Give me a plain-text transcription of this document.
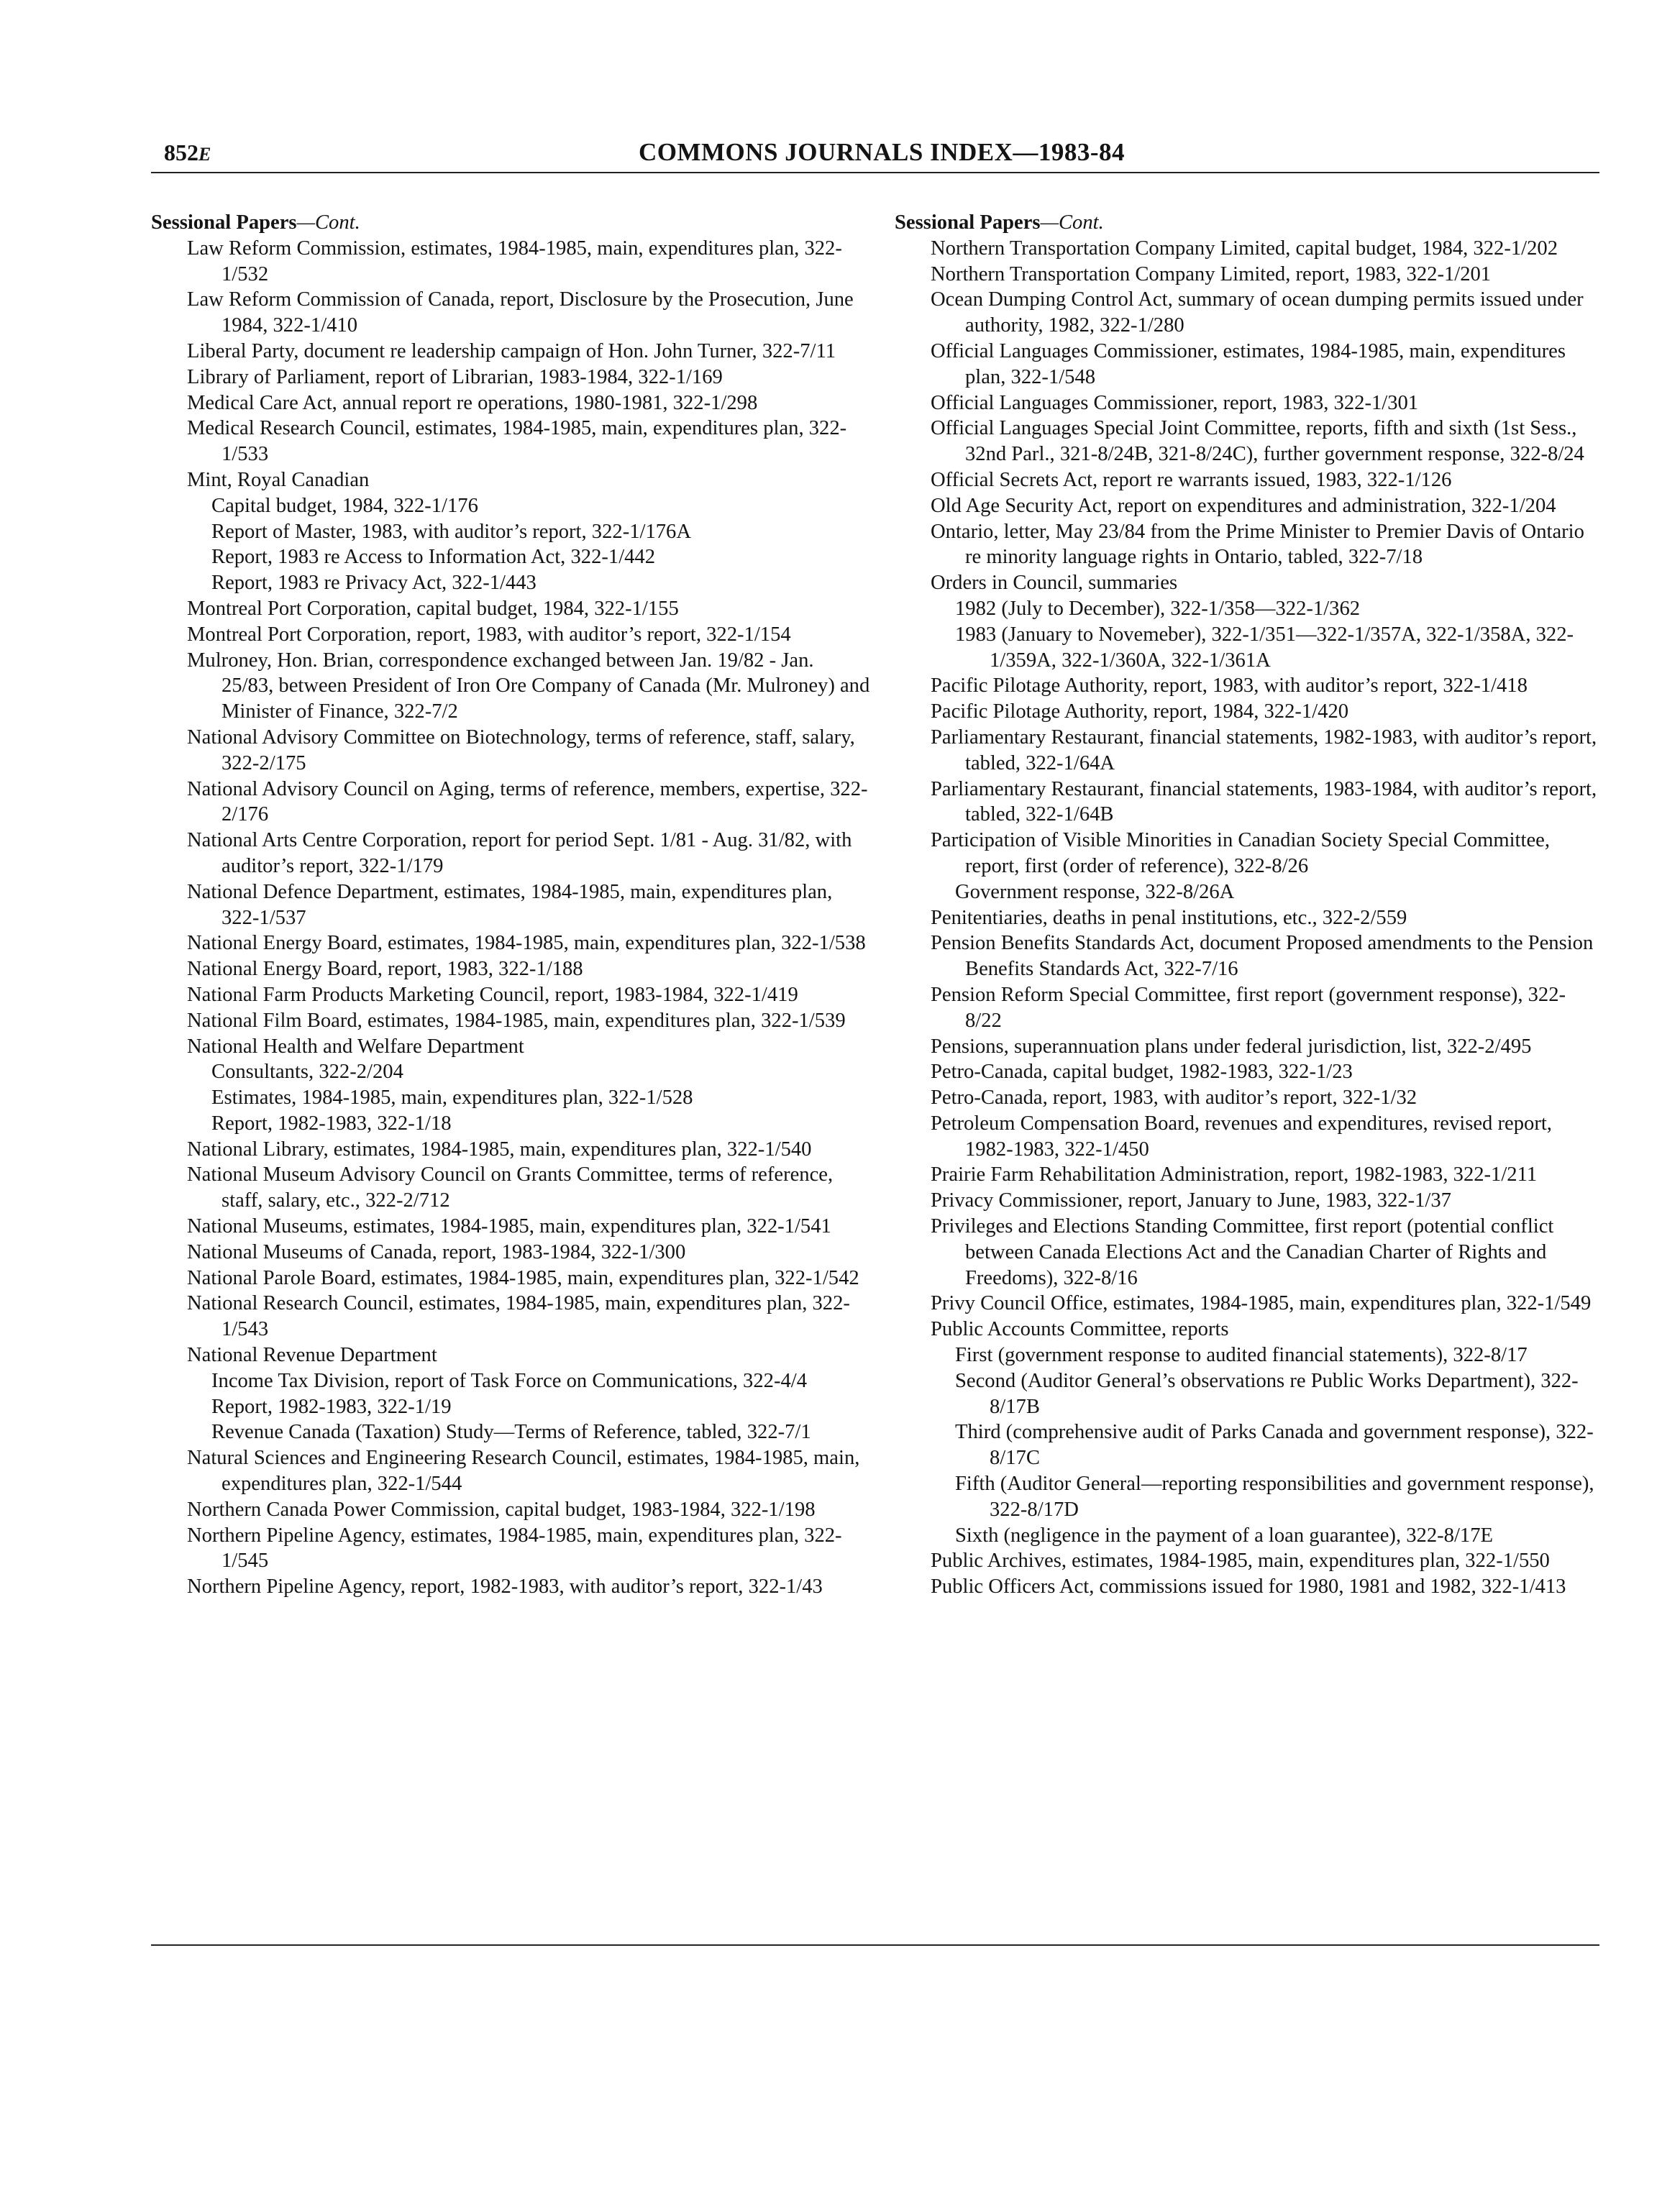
852E	COMMONS JOURNALS INDEX—1983-84
Sessional Papers—Cont.
Law Reform Commission, estimates, 1984-1985, main, expenditures plan, 322-1/532
Law Reform Commission of Canada, report, Disclosure by the Prosecution, June 1984, 322-1/410
Liberal Party, document re leadership campaign of Hon. John Turner, 322-7/11
Library of Parliament, report of Librarian, 1983-1984, 322-1/169
Medical Care Act, annual report re operations, 1980-1981, 322-1/298
Medical Research Council, estimates, 1984-1985, main, expenditures plan, 322-1/533
Mint, Royal Canadian
Capital budget, 1984, 322-1/176
Report of Master, 1983, with auditor’s report, 322-1/176A
Report, 1983 re Access to Information Act, 322-1/442
Report, 1983 re Privacy Act, 322-1/443
Montreal Port Corporation, capital budget, 1984, 322-1/155
Montreal Port Corporation, report, 1983, with auditor’s report, 322-1/154
Mulroney, Hon. Brian, correspondence exchanged between Jan. 19/82 - Jan. 25/83, between President of Iron Ore Company of Canada (Mr. Mulroney) and Minister of Finance, 322-7/2
National Advisory Committee on Biotechnology, terms of reference, staff, salary, 322-2/175
National Advisory Council on Aging, terms of reference, members, expertise, 322-2/176
National Arts Centre Corporation, report for period Sept. 1/81 - Aug. 31/82, with auditor’s report, 322-1/179
National Defence Department, estimates, 1984-1985, main, expenditures plan, 322-1/537
National Energy Board, estimates, 1984-1985, main, expenditures plan, 322-1/538
National Energy Board, report, 1983, 322-1/188
National Farm Products Marketing Council, report, 1983-1984, 322-1/419
National Film Board, estimates, 1984-1985, main, expenditures plan, 322-1/539
National Health and Welfare Department
Consultants, 322-2/204
Estimates, 1984-1985, main, expenditures plan, 322-1/528
Report, 1982-1983, 322-1/18
National Library, estimates, 1984-1985, main, expenditures plan, 322-1/540
National Museum Advisory Council on Grants Committee, terms of reference, staff, salary, etc., 322-2/712
National Museums, estimates, 1984-1985, main, expenditures plan, 322-1/541
National Museums of Canada, report, 1983-1984, 322-1/300
National Parole Board, estimates, 1984-1985, main, expenditures plan, 322-1/542
National Research Council, estimates, 1984-1985, main, expenditures plan, 322-1/543
National Revenue Department
Income Tax Division, report of Task Force on Communications, 322-4/4
Report, 1982-1983, 322-1/19
Revenue Canada (Taxation) Study—Terms of Reference, tabled, 322-7/1
Natural Sciences and Engineering Research Council, estimates, 1984-1985, main, expenditures plan, 322-1/544
Northern Canada Power Commission, capital budget, 1983-1984, 322-1/198
Northern Pipeline Agency, estimates, 1984-1985, main, expenditures plan, 322-1/545
Northern Pipeline Agency, report, 1982-1983, with auditor’s report, 322-1/43
Sessional Papers—Cont.
Northern Transportation Company Limited, capital budget, 1984, 322-1/202
Northern Transportation Company Limited, report, 1983, 322-1/201
Ocean Dumping Control Act, summary of ocean dumping permits issued under authority, 1982, 322-1/280
Official Languages Commissioner, estimates, 1984-1985, main, expenditures plan, 322-1/548
Official Languages Commissioner, report, 1983, 322-1/301
Official Languages Special Joint Committee, reports, fifth and sixth (1st Sess., 32nd Parl., 321-8/24B, 321-8/24C), further government response, 322-8/24
Official Secrets Act, report re warrants issued, 1983, 322-1/126
Old Age Security Act, report on expenditures and administration, 322-1/204
Ontario, letter, May 23/84 from the Prime Minister to Premier Davis of Ontario re minority language rights in Ontario, tabled, 322-7/18
Orders in Council, summaries
1982 (July to December), 322-1/358—322-1/362
1983 (January to Novemeber), 322-1/351—322-1/357A, 322-1/358A, 322-1/359A, 322-1/360A, 322-1/361A
Pacific Pilotage Authority, report, 1983, with auditor’s report, 322-1/418
Pacific Pilotage Authority, report, 1984, 322-1/420
Parliamentary Restaurant, financial statements, 1982-1983, with auditor’s report, tabled, 322-1/64A
Parliamentary Restaurant, financial statements, 1983-1984, with auditor’s report, tabled, 322-1/64B
Participation of Visible Minorities in Canadian Society Special Committee, report, first (order of reference), 322-8/26
Government response, 322-8/26A
Penitentiaries, deaths in penal institutions, etc., 322-2/559
Pension Benefits Standards Act, document Proposed amendments to the Pension Benefits Standards Act, 322-7/16
Pension Reform Special Committee, first report (government response), 322-8/22
Pensions, superannuation plans under federal jurisdiction, list, 322-2/495
Petro-Canada, capital budget, 1982-1983, 322-1/23
Petro-Canada, report, 1983, with auditor’s report, 322-1/32
Petroleum Compensation Board, revenues and expenditures, revised report, 1982-1983, 322-1/450
Prairie Farm Rehabilitation Administration, report, 1982-1983, 322-1/211
Privacy Commissioner, report, January to June, 1983, 322-1/37
Privileges and Elections Standing Committee, first report (potential conflict between Canada Elections Act and the Canadian Charter of Rights and Freedoms), 322-8/16
Privy Council Office, estimates, 1984-1985, main, expenditures plan, 322-1/549
Public Accounts Committee, reports
First (government response to audited financial statements), 322-8/17
Second (Auditor General’s observations re Public Works Department), 322-8/17B
Third (comprehensive audit of Parks Canada and government response), 322-8/17C
Fifth (Auditor General—reporting responsibilities and government response), 322-8/17D
Sixth (negligence in the payment of a loan guarantee), 322-8/17E
Public Archives, estimates, 1984-1985, main, expenditures plan, 322-1/550
Public Officers Act, commissions issued for 1980, 1981 and 1982, 322-1/413
